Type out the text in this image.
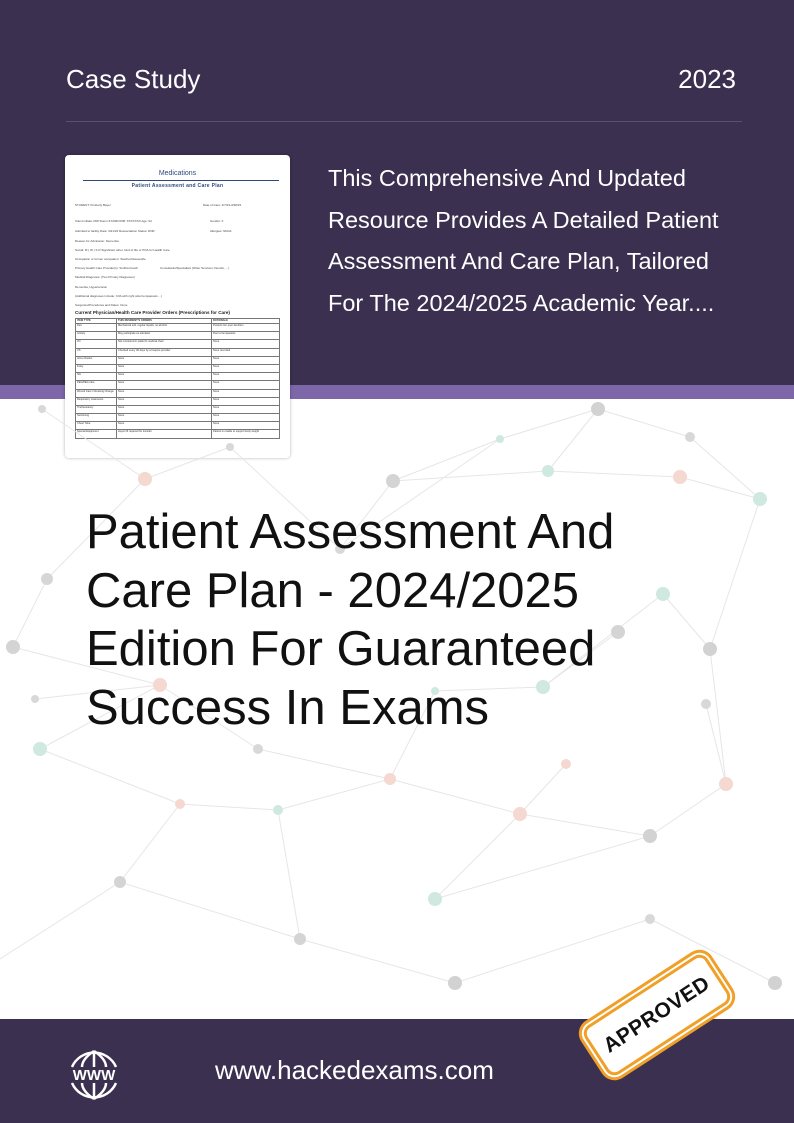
Case Study	2023
Medications
Patient Assessment and Care Plan
STUDENT: Kimberly Bayer	Date of Care: 3/7/23-3/28/23
Client initials: MW Room #:1098 DOB: XXXXXXX Age: 94	Gender: F
Admitted to facility Date: 3/21/22 Resuscitation Status: DNR	Allergies: NKDA
Reason for Admission: Dementia
Social: M ( W ) S D Significant other, kind of life or POA for Health Care
Occupation or former occupation: Teacher/Housewife
Primary Health Care Provider(s): Smitha Koach	Consultants/Specialists (Other Services: Dentist, ...)
Medical Diagnosis: (Two Primary Diagnoses)
Dementia, Hypertension
(Additional diagnoses include: CVA with right side hemiparesis ...)
Surgeries/Procedures and Dates: None
Current Physician/Health Care Provider Orders (Prescriptions for Care)
ITEM TYPE	THIS RESIDENT'S ORDERS	RATIONALE
Diet	Mechanical soft, regular liquids, no alcohol	Protects her poor dentition
Activity	May participate as tolerated	Due to hemiparesis
I/O	Not monitored in patient's medical chart	None
VS	Checked every 30 days by a hospice provider	None recorded
Accu-Checks	None	None
Foley	None	None
NG	None	None
PEG/PEG tube	None	None
Wound Care / Dressing Change	None	None
Respiratory treatments	None	None
Tracheostomy	None	None
Suctioning	None	None
Chest Tube	None	None
Special Equipment	Hoyer lift required for transfer	Patient is unable to support body weight

This Comprehensive And Updated Resource Provides A Detailed Patient Assessment And Care Plan, Tailored For The 2024/2025 Academic Year....

Patient Assessment And
Care Plan - 2024/2025
Edition For Guaranteed
Success In Exams
WWW	www.hackedexams.com
APPROVED
